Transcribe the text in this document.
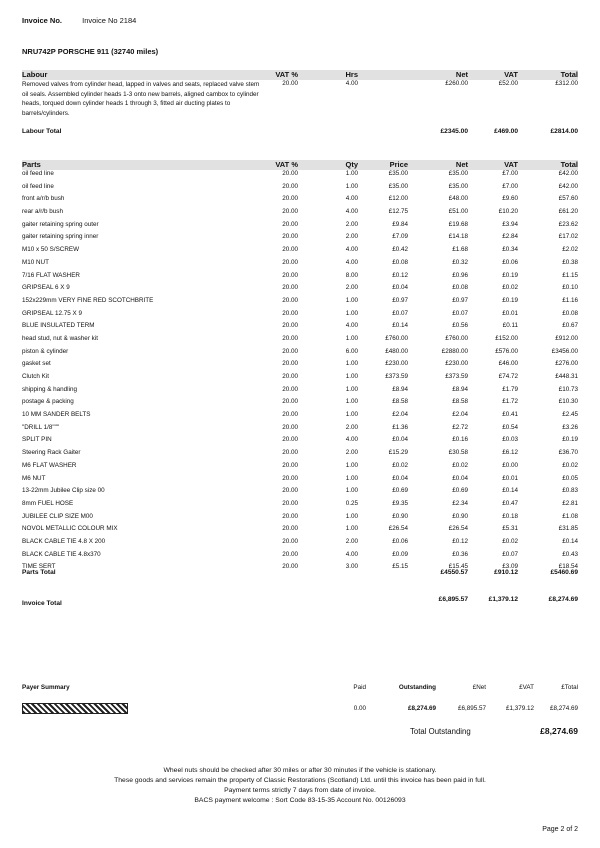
Invoice No.	Invoice No 2184
NRU742P PORSCHE 911 (32740 miles)
Labour	VAT %	Hrs		Net	VAT	Total
Removed valves from cylinder head, lapped in valves and seats, replaced valve stem oil seals. Assembled cylinder heads 1-3 onto new barrels, aligned cambox to cylinder heads, torqued down cylinder heads 1 through 3, fitted air ducting plates to barrels/cylinders.	20.00	4.00		£260.00	£52.00	£312.00
Labour Total				£2345.00	£469.00	£2814.00
Parts	VAT %	Qty	Price	Net	VAT	Total
oil feed line	20.00	1.00	£35.00	£35.00	£7.00	£42.00
oil feed line	20.00	1.00	£35.00	£35.00	£7.00	£42.00
front a/r/b bush	20.00	4.00	£12.00	£48.00	£9.60	£57.60
rear a/r/b bush	20.00	4.00	£12.75	£51.00	£10.20	£61.20
gaiter retaining spring outer	20.00	2.00	£9.84	£19.68	£3.94	£23.62
gaiter retaining spring inner	20.00	2.00	£7.09	£14.18	£2.84	£17.02
M10 x 50 S/SCREW	20.00	4.00	£0.42	£1.68	£0.34	£2.02
M10 NUT	20.00	4.00	£0.08	£0.32	£0.06	£0.38
7/16 FLAT WASHER	20.00	8.00	£0.12	£0.96	£0.19	£1.15
GRIPSEAL 6 X 9	20.00	2.00	£0.04	£0.08	£0.02	£0.10
152x229mm VERY FINE RED SCOTCHBRITE	20.00	1.00	£0.97	£0.97	£0.19	£1.16
GRIPSEAL 12.75 X 9	20.00	1.00	£0.07	£0.07	£0.01	£0.08
BLUE INSULATED TERM	20.00	4.00	£0.14	£0.56	£0.11	£0.67
head stud, nut & washer kit	20.00	1.00	£760.00	£760.00	£152.00	£912.00
piston & cylinder	20.00	6.00	£480.00	£2880.00	£576.00	£3456.00
gasket set	20.00	1.00	£230.00	£230.00	£46.00	£276.00
Clutch Kit	20.00	1.00	£373.59	£373.59	£74.72	£448.31
shipping & handling	20.00	1.00	£8.94	£8.94	£1.79	£10.73
postage & packing	20.00	1.00	£8.58	£8.58	£1.72	£10.30
10 MM SANDER BELTS	20.00	1.00	£2.04	£2.04	£0.41	£2.45
"DRILL 1/8"""	20.00	2.00	£1.36	£2.72	£0.54	£3.26
SPLIT PIN	20.00	4.00	£0.04	£0.16	£0.03	£0.19
Steering Rack Gaiter	20.00	2.00	£15.29	£30.58	£6.12	£36.70
M6 FLAT WASHER	20.00	1.00	£0.02	£0.02	£0.00	£0.02
M6 NUT	20.00	1.00	£0.04	£0.04	£0.01	£0.05
13-22mm Jubilee Clip size 00	20.00	1.00	£0.69	£0.69	£0.14	£0.83
8mm FUEL HOSE	20.00	0.25	£9.35	£2.34	£0.47	£2.81
JUBILEE CLIP SIZE M00	20.00	1.00	£0.90	£0.90	£0.18	£1.08
NOVOL METALLIC COLOUR MIX	20.00	1.00	£26.54	£26.54	£5.31	£31.85
BLACK CABLE TIE 4.8 X 200	20.00	2.00	£0.06	£0.12	£0.02	£0.14
BLACK CABLE TIE 4.8x370	20.00	4.00	£0.09	£0.36	£0.07	£0.43
TIME SERT	20.00	3.00	£5.15	£15.45	£3.09	£18.54
Parts Total				£4550.57	£910.12	£5460.69
Invoice Total				£6,895.57	£1,379.12	£8,274.69
Payer Summary	Paid	Outstanding	£Net	£VAT	£Total

	0.00	£8,274.69	£6,895.57	£1,379.12	£8,274.69
Total Outstanding	£8,274.69
Wheel nuts should be checked after 30 miles or after 30 minutes if the vehicle is stationary.
These goods and services remain the property of Classic Restorations (Scotland) Ltd. until this invoice has been paid in full.
Payment terms strictly 7 days from date of invoice.
BACS payment welcome : Sort Code 83-15-35 Account No. 00126093
Page 2 of 2
